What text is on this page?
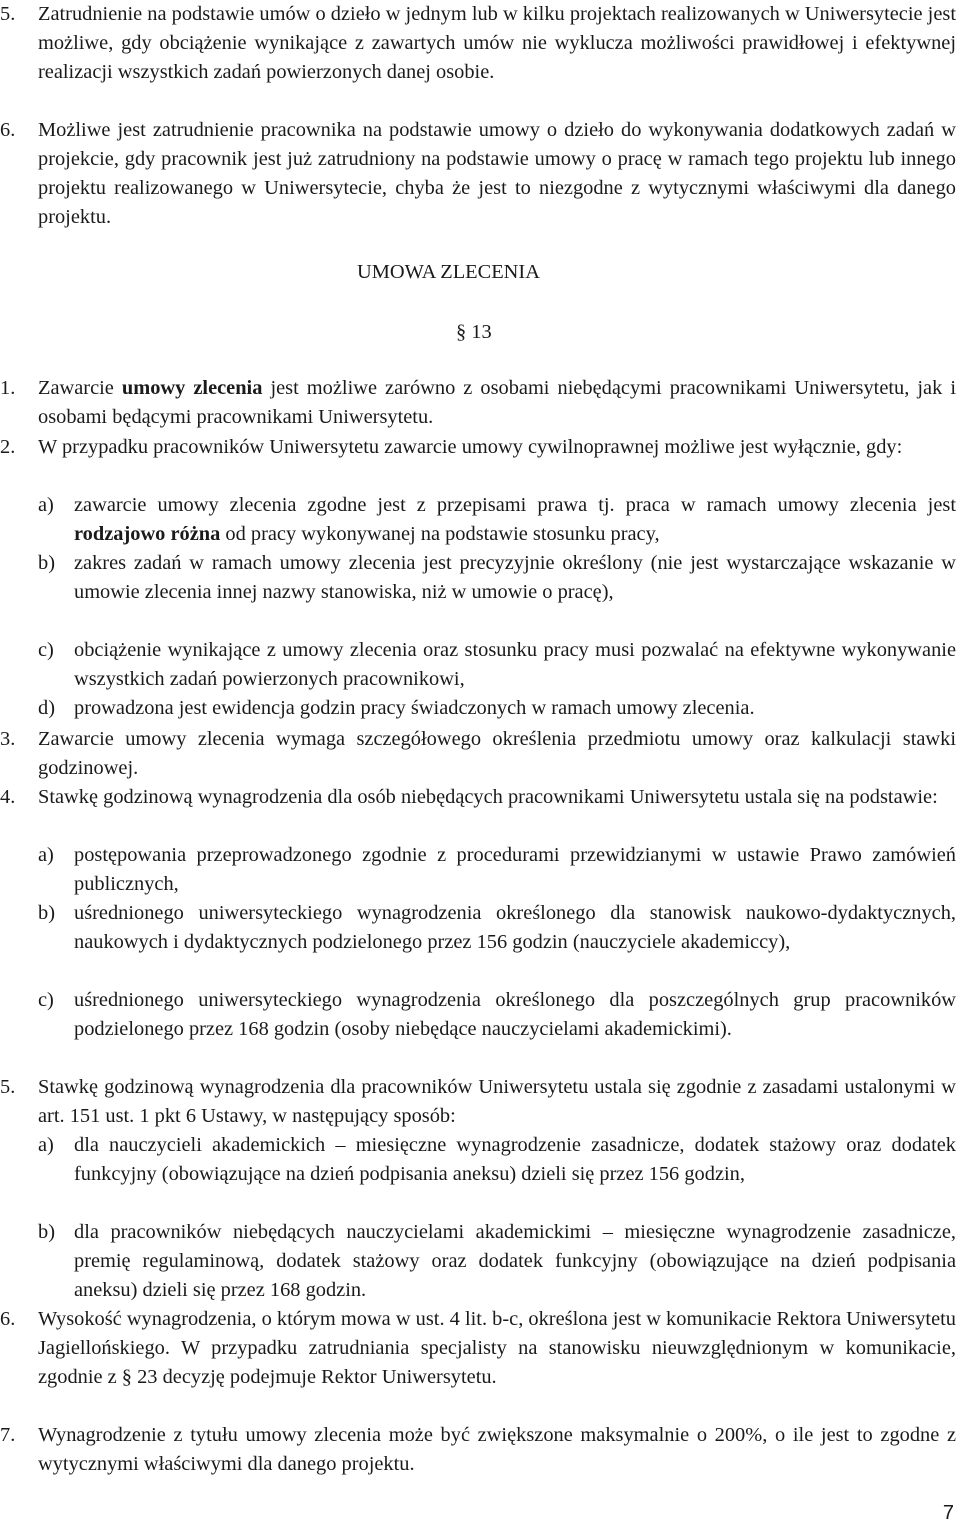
5.	Zatrudnienie na podstawie umów o dzieło w jednym lub w kilku projektach realizowanych w Uniwersytecie jest możliwe, gdy obciążenie wynikające z zawartych umów nie wyklucza możliwości prawidłowej i efektywnej realizacji wszystkich zadań powierzonych danej osobie.
6.	Możliwe jest zatrudnienie pracownika na podstawie umowy o dzieło do wykonywania dodatkowych zadań w projekcie, gdy pracownik jest już zatrudniony na podstawie umowy o pracę w ramach tego projektu lub innego projektu realizowanego w Uniwersytecie, chyba że jest to niezgodne z wytycznymi właściwymi dla danego projektu.
UMOWA ZLECENIA
§ 13
1.	Zawarcie umowy zlecenia jest możliwe zarówno z osobami niebędącymi pracownikami Uniwersytetu, jak i osobami będącymi pracownikami Uniwersytetu.
2.	W przypadku pracowników Uniwersytetu zawarcie umowy cywilnoprawnej możliwe jest wyłącznie, gdy:
a) zawarcie umowy zlecenia zgodne jest z przepisami prawa tj. praca w ramach umowy zlecenia jest rodzajowo różna od pracy wykonywanej na podstawie stosunku pracy,
b) zakres zadań w ramach umowy zlecenia jest precyzyjnie określony (nie jest wystarczające wskazanie w umowie zlecenia innej nazwy stanowiska, niż w umowie o pracę),
c) obciążenie wynikające z umowy zlecenia oraz stosunku pracy musi pozwalać na efektywne wykonywanie wszystkich zadań powierzonych pracownikowi,
d) prowadzona jest ewidencja godzin pracy świadczonych w ramach umowy zlecenia.
3.	Zawarcie umowy zlecenia wymaga szczegółowego określenia przedmiotu umowy oraz kalkulacji stawki godzinowej.
4.	Stawkę godzinową wynagrodzenia dla osób niebędących pracownikami Uniwersytetu ustala się na podstawie:
a) postępowania przeprowadzonego zgodnie z procedurami przewidzianymi w ustawie Prawo zamówień publicznych,
b) uśrednionego uniwersyteckiego wynagrodzenia określonego dla stanowisk naukowo-dydaktycznych, naukowych i dydaktycznych podzielonego przez 156 godzin (nauczyciele akademiccy),
c) uśrednionego uniwersyteckiego wynagrodzenia określonego dla poszczególnych grup pracowników podzielonego przez 168 godzin (osoby niebędące nauczycielami akademickimi).
5.	Stawkę godzinową wynagrodzenia dla pracowników Uniwersytetu ustala się zgodnie z zasadami ustalonymi w art. 151 ust. 1 pkt 6 Ustawy, w następujący sposób:
a) dla nauczycieli akademickich – miesięczne wynagrodzenie zasadnicze, dodatek stażowy oraz dodatek funkcyjny (obowiązujące na dzień podpisania aneksu) dzieli się przez 156 godzin,
b) dla pracowników niebędących nauczycielami akademickimi – miesięczne wynagrodzenie zasadnicze, premię regulaminową, dodatek stażowy oraz dodatek funkcyjny (obowiązujące na dzień podpisania aneksu) dzieli się przez 168 godzin.
6.	Wysokość wynagrodzenia, o którym mowa w ust. 4 lit. b-c, określona jest w komunikacie Rektora Uniwersytetu Jagiellońskiego. W przypadku zatrudniania specjalisty na stanowisku nieuwzględnionym w komunikacie, zgodnie z § 23 decyzję podejmuje Rektor Uniwersytetu.
7.	Wynagrodzenie z tytułu umowy zlecenia może być zwiększone maksymalnie o 200%, o ile jest to zgodne z wytycznymi właściwymi dla danego projektu.
7
